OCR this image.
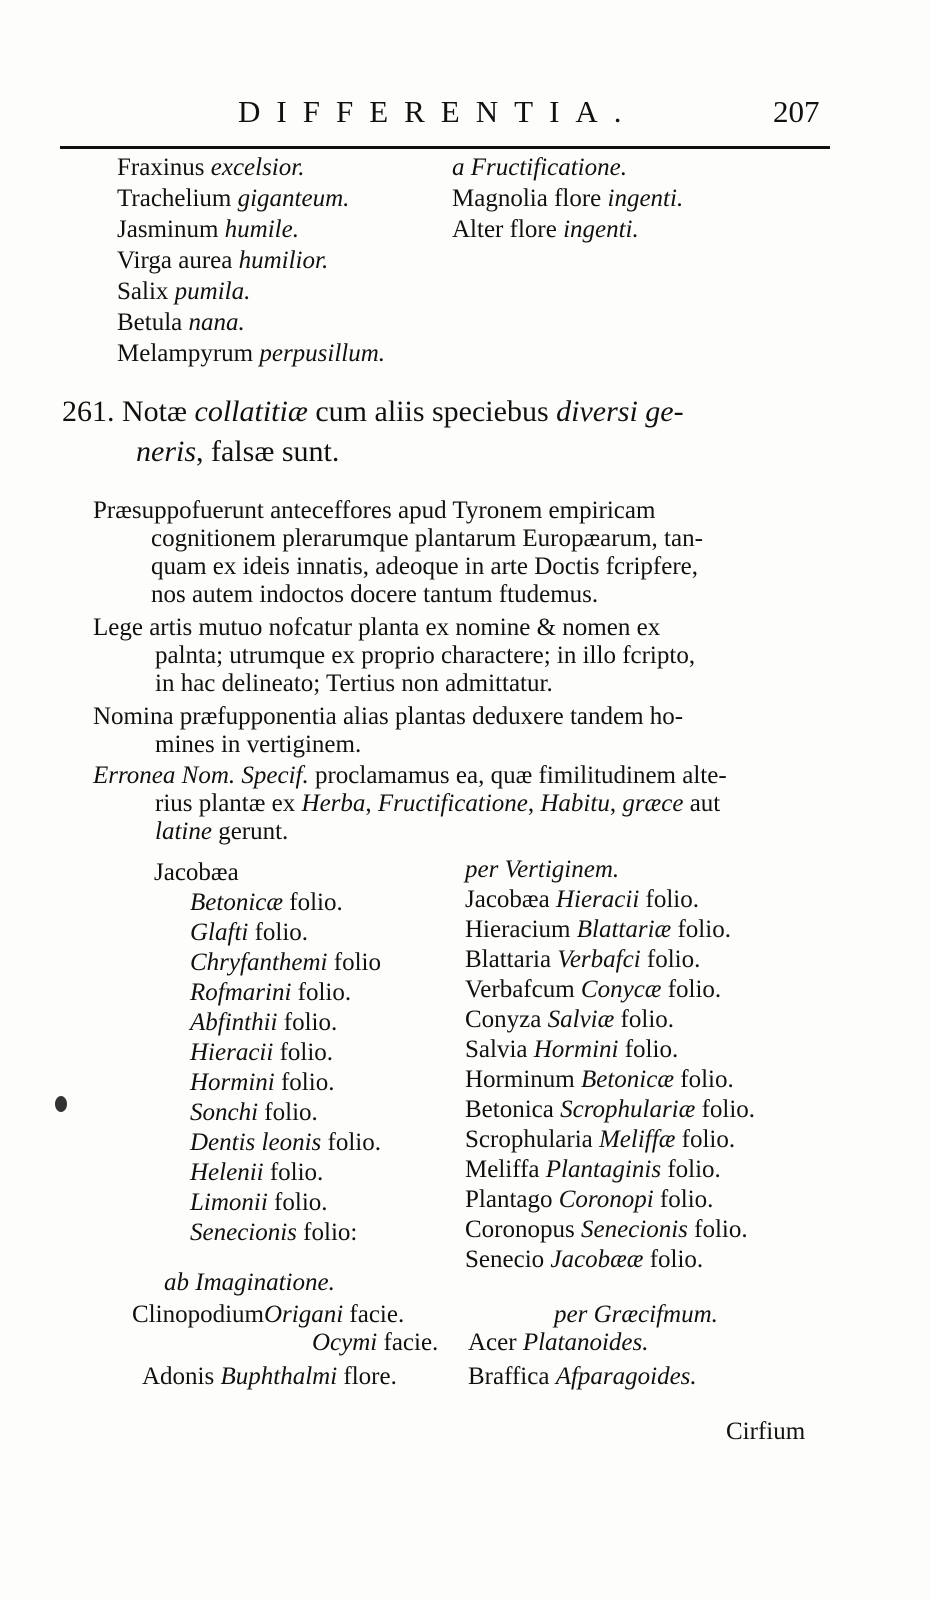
DIFFERENTIA.	207
Fraxinus excelsior.
Trachelium giganteum.
Jasminum humile.
Virga aurea humilior.
Salix pumila.
Betula nana.
Melampyrum perpusillum.
a Fructificatione.
Magnolia flore ingenti.
Alter flore ingenti.
261. Notæ collatitiæ cum aliis speciebus diversi ge-
neris, falsæ sunt.
Præsuppofuerunt anteceffores apud Tyronem empiricam
cognitionem plerarumque plantarum Europæarum, tan-
quam ex ideis innatis, adeoque in arte Doctis fcripfere,
nos autem indoctos docere tantum ftudemus.
Lege artis mutuo nofcatur planta ex nomine & nomen ex
palnta; utrumque ex proprio charactere; in illo fcripto,
in hac delineato; Tertius non admittatur.
Nomina præfupponentia alias plantas deduxere tandem ho-
mines in vertiginem.
Erronea Nom. Specif. proclamamus ea, quæ fimilitudinem alte-
rius plantæ ex Herba, Fructificatione, Habitu, græce aut
latine gerunt.
Jacobæa
Betonicæ folio.
Glafti folio.
Chryfanthemi folio
Rofmarini folio.
Abfinthii folio.
Hieracii folio.
Hormini folio.
Sonchi folio.
Dentis leonis folio.
Helenii folio.
Limonii folio.
Senecionis folio:
per Vertiginem.
Jacobæa Hieracii folio.
Hieracium Blattariæ folio.
Blattaria Verbafci folio.
Verbafcum Conycæ folio.
Conyza Salviæ folio.
Salvia Hormini folio.
Horminum Betonicæ folio.
Betonica Scrophulariæ folio.
Scrophularia Meliffæ folio.
Meliffa Plantaginis folio.
Plantago Coronopi folio.
Coronopus Senecionis folio.
Senecio Jacobææ folio.
ab Imaginatione.
ClinopodiumOrigani facie.
Ocymi facie.
Adonis Buphthalmi flore.
per Græcifmum.
Acer Platanoides.
Braffica Afparagoides.
Cirfium
